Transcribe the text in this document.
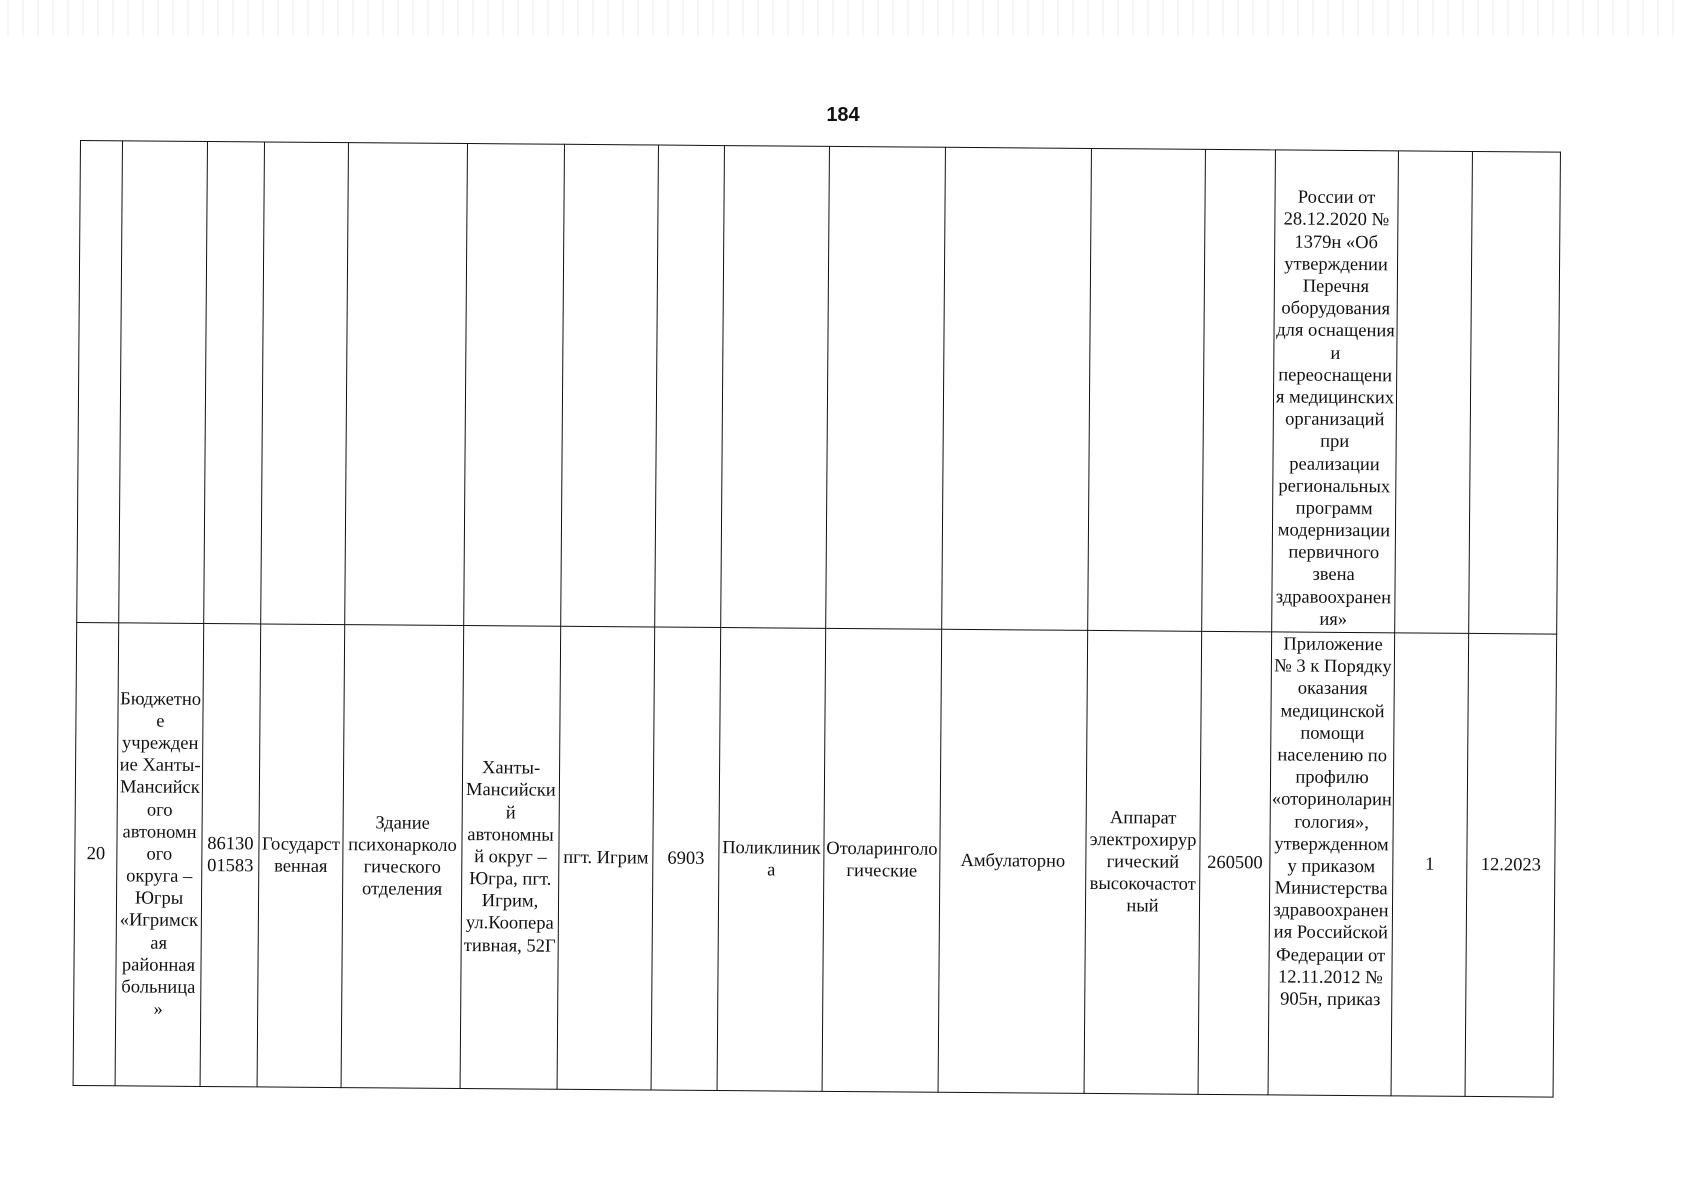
184
													России от 28.12.2020 № 1379н «Об утверждении Перечня оборудования для оснащения и переоснащения медицинских организаций при реализации региональных программ модернизации первичного звена здравоохранения»		
20	Бюджетное учреждение Ханты-Мансийского автономного округа – Югры «Игримская районная больница»	8613001583	Государственная	Здание психонаркологического отделения	Ханты-Мансийский автономный округ – Югра, пгт. Игрим, ул.Кооперативная, 52Г	пгт. Игрим	6903	Поликлиника	Отоларингологические	Амбулаторно	Аппарат электрохирургический высокочастотный	260500	Приложение № 3 к Порядку оказания медицинской помощи населению по профилю «оториноларингология», утвержденному приказом Министерства здравоохранения Российской Федерации от 12.11.2012 № 905н, приказ	1	12.2023
